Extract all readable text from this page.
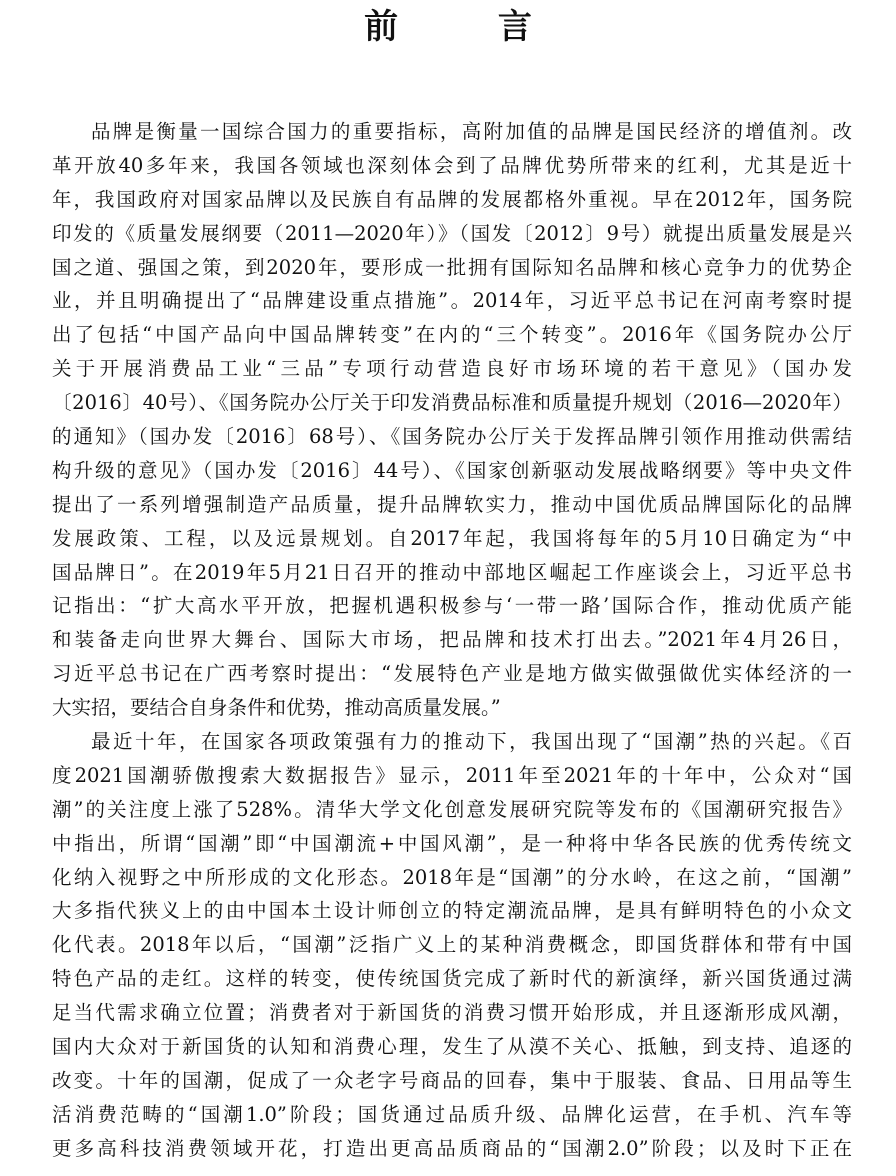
前 言
品牌是衡量一国综合国力的重要指标，高附加值的品牌是国民经济的增值剂。改
革开放40多年来，我国各领域也深刻体会到了品牌优势所带来的红利，尤其是近十
年，我国政府对国家品牌以及民族自有品牌的发展都格外重视。早在2012年，国务院
印发的《质量发展纲要（2011—2020年）》（国发〔2012〕9号）就提出质量发展是兴
国之道、强国之策，到2020年，要形成一批拥有国际知名品牌和核心竞争力的优势企
业，并且明确提出了“品牌建设重点措施”。2014年，习近平总书记在河南考察时提
出了包括“中国产品向中国品牌转变”在内的“三个转变”。2016年《国务院办公厅
关于开展消费品工业“三品”专项行动营造良好市场环境的若干意见》（国办发
〔2016〕40号）、《国务院办公厅关于印发消费品标准和质量提升规划（2016—2020年）
的通知》（国办发〔2016〕68号）、《国务院办公厅关于发挥品牌引领作用推动供需结
构升级的意见》（国办发〔2016〕44号）、《国家创新驱动发展战略纲要》等中央文件
提出了一系列增强制造产品质量，提升品牌软实力，推动中国优质品牌国际化的品牌
发展政策、工程，以及远景规划。自2017年起，我国将每年的5月10日确定为“中
国品牌日”。在2019年5月21日召开的推动中部地区崛起工作座谈会上，习近平总书
记指出：“扩大高水平开放，把握机遇积极参与‘一带一路’国际合作，推动优质产能
和装备走向世界大舞台、国际大市场，把品牌和技术打出去。”2021年4月26日，
习近平总书记在广西考察时提出：“发展特色产业是地方做实做强做优实体经济的一
大实招，要结合自身条件和优势，推动高质量发展。”
最近十年，在国家各项政策强有力的推动下，我国出现了“国潮”热的兴起。《百
度2021国潮骄傲搜索大数据报告》显示，2011年至2021年的十年中，公众对“国
潮”的关注度上涨了528%。清华大学文化创意发展研究院等发布的《国潮研究报告》
中指出，所谓“国潮”即“中国潮流+中国风潮”，是一种将中华各民族的优秀传统文
化纳入视野之中所形成的文化形态。2018年是“国潮”的分水岭，在这之前，“国潮”
大多指代狭义上的由中国本土设计师创立的特定潮流品牌，是具有鲜明特色的小众文
化代表。2018年以后，“国潮”泛指广义上的某种消费概念，即国货群体和带有中国
特色产品的走红。这样的转变，使传统国货完成了新时代的新演绎，新兴国货通过满
足当代需求确立位置；消费者对于新国货的消费习惯开始形成，并且逐渐形成风潮，
国内大众对于新国货的认知和消费心理，发生了从漠不关心、抵触，到支持、追逐的
改变。十年的国潮，促成了一众老字号商品的回春，集中于服装、食品、日用品等生
活消费范畴的“国潮1.0”阶段；国货通过品质升级、品牌化运营，在手机、汽车等
更多高科技消费领域开花，打造出更高品质商品的“国潮2.0”阶段；以及时下正在
